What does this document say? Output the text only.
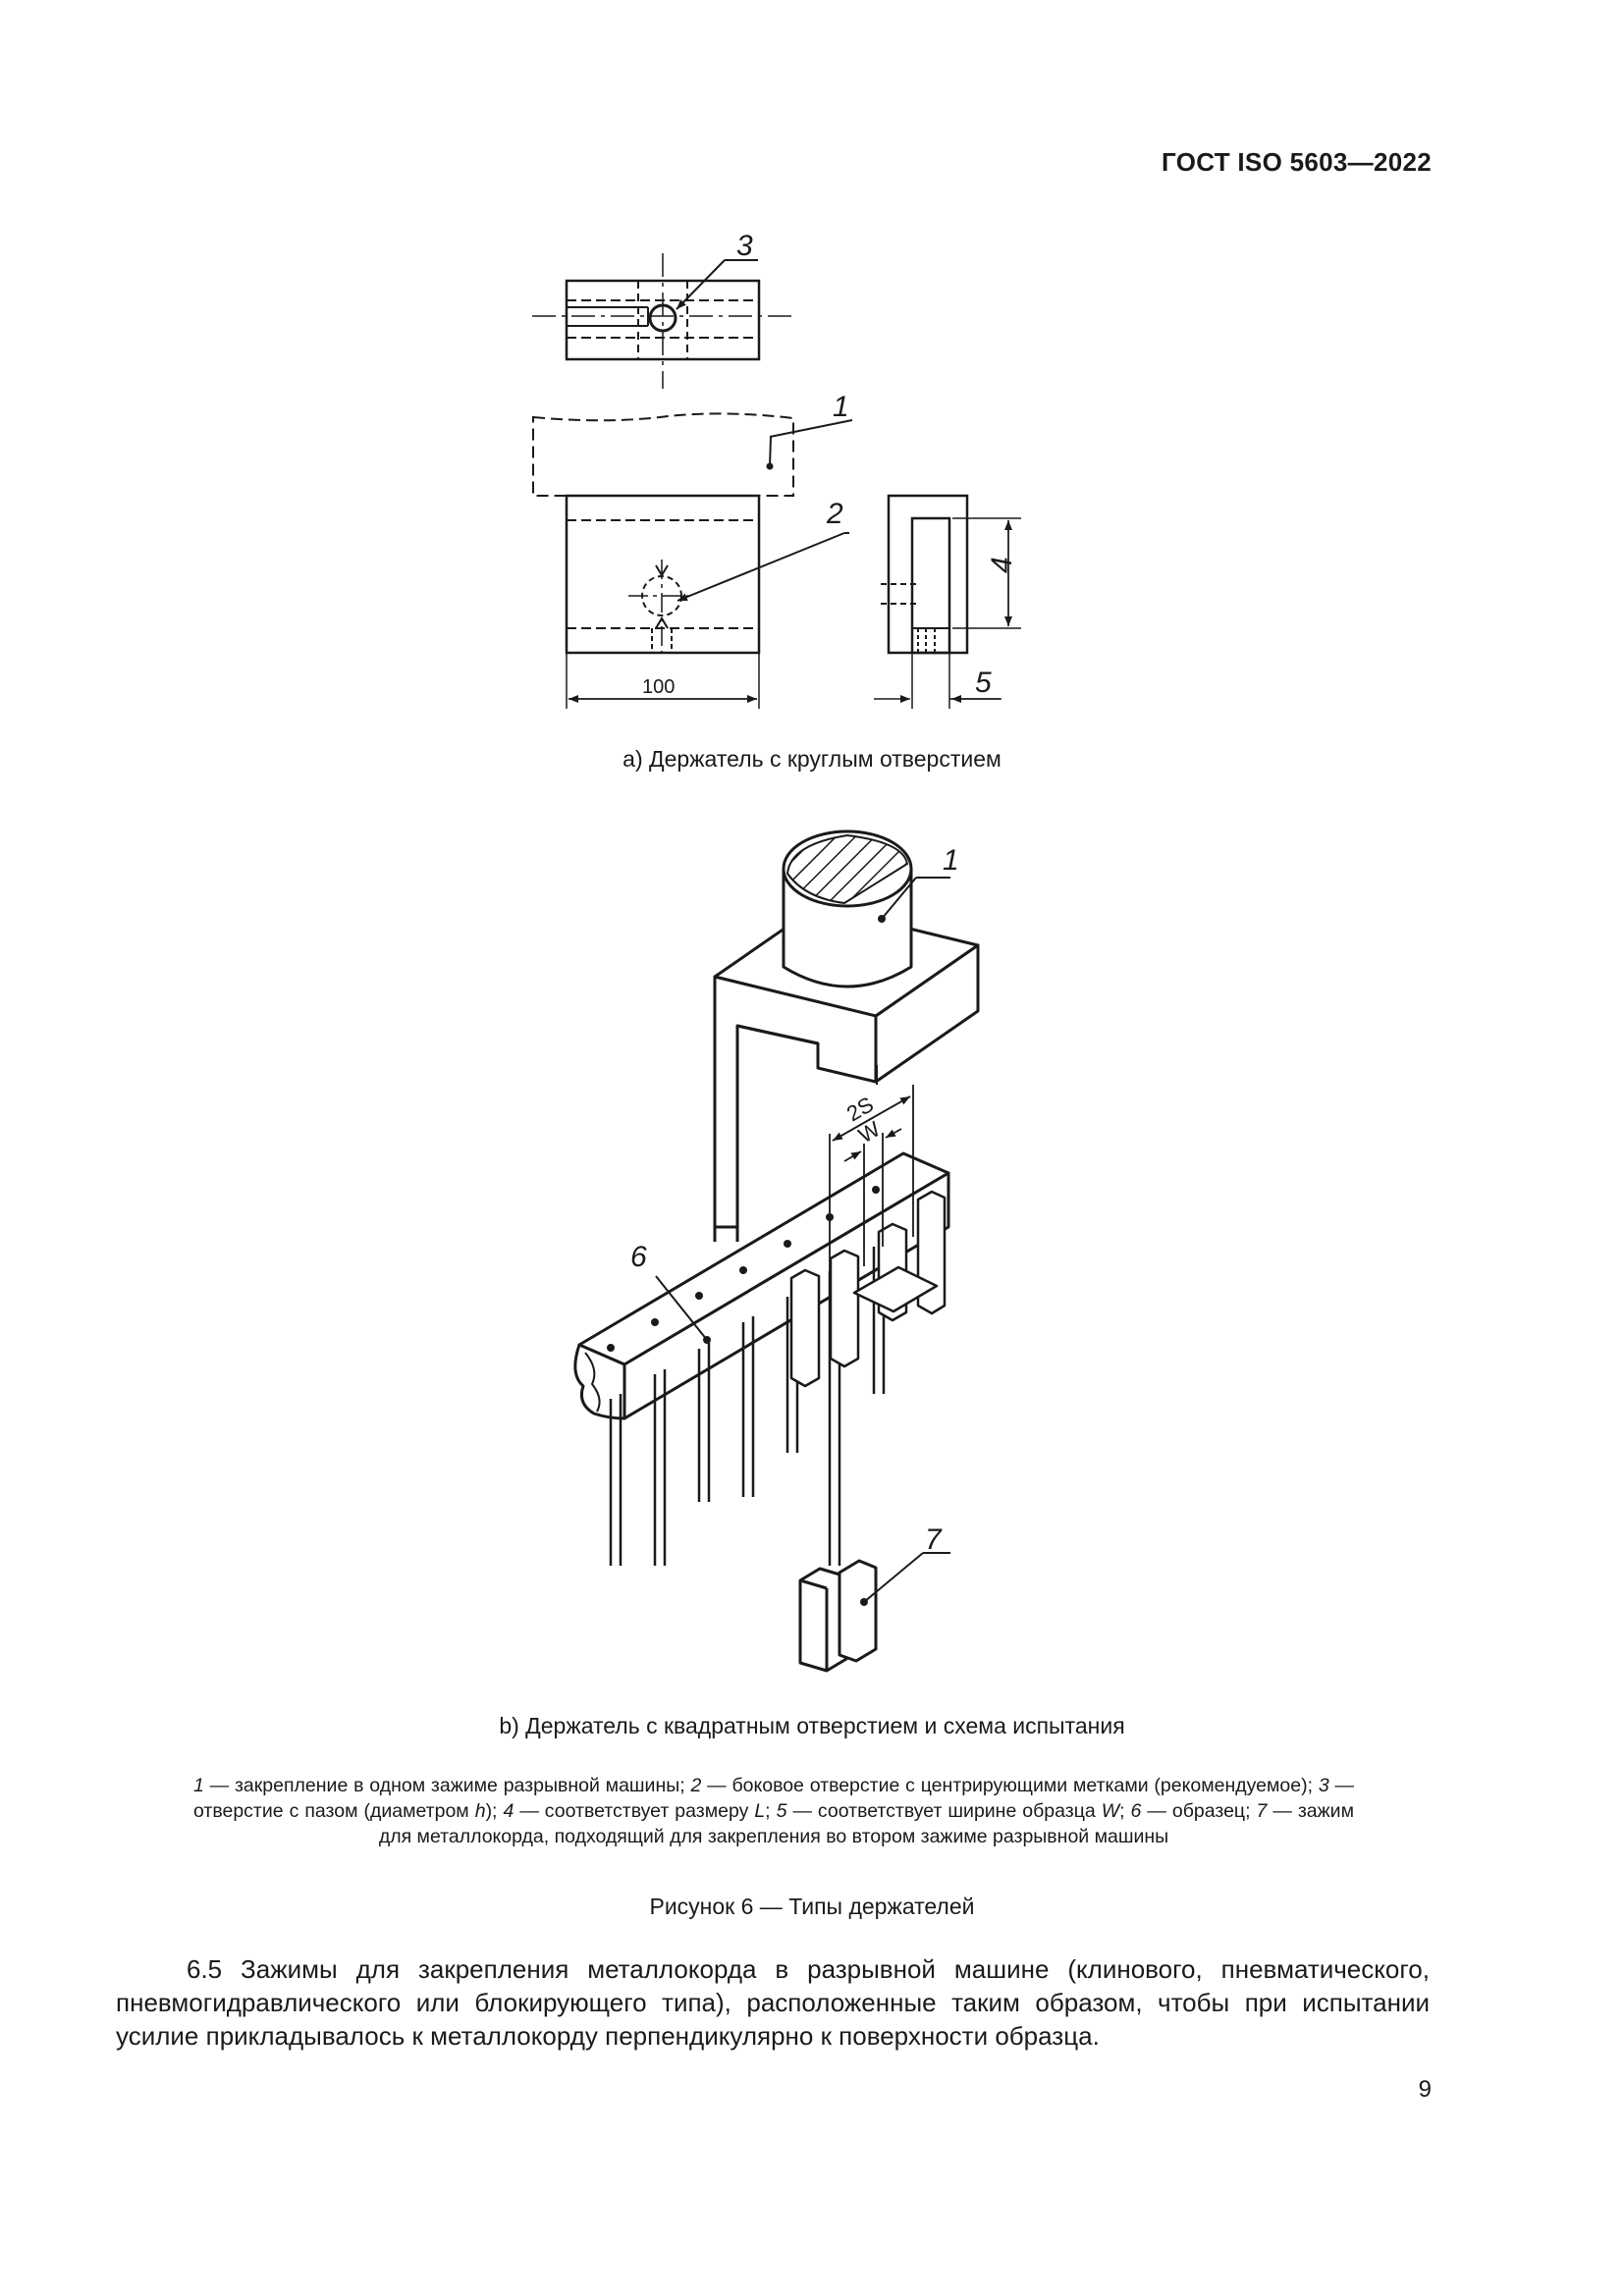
ГОСТ ISO 5603—2022
3
1
2
4
5
100
1
6
7
2S
W
a) Держатель с круглым отверстием
b) Держатель с квадратным отверстием и схема испытания
1 — закрепление в одном зажиме разрывной машины; 2 — боковое отверстие с центрирующими метками (рекомендуемое); 3 — отверстие с пазом (диаметром h); 4 — соответствует размеру L; 5 — соответствует ширине образца W; 6 — образец; 7 — зажим для металлокорда, подходящий для закрепления во втором зажиме разрывной машины
Рисунок 6 — Типы держателей
6.5 Зажимы для закрепления металлокорда в разрывной машине (клинового, пневматического, пневмогидравлического или блокирующего типа), расположенные таким образом, чтобы при испытании усилие прикладывалось к металлокорду перпендикулярно к поверхности образца.
9
